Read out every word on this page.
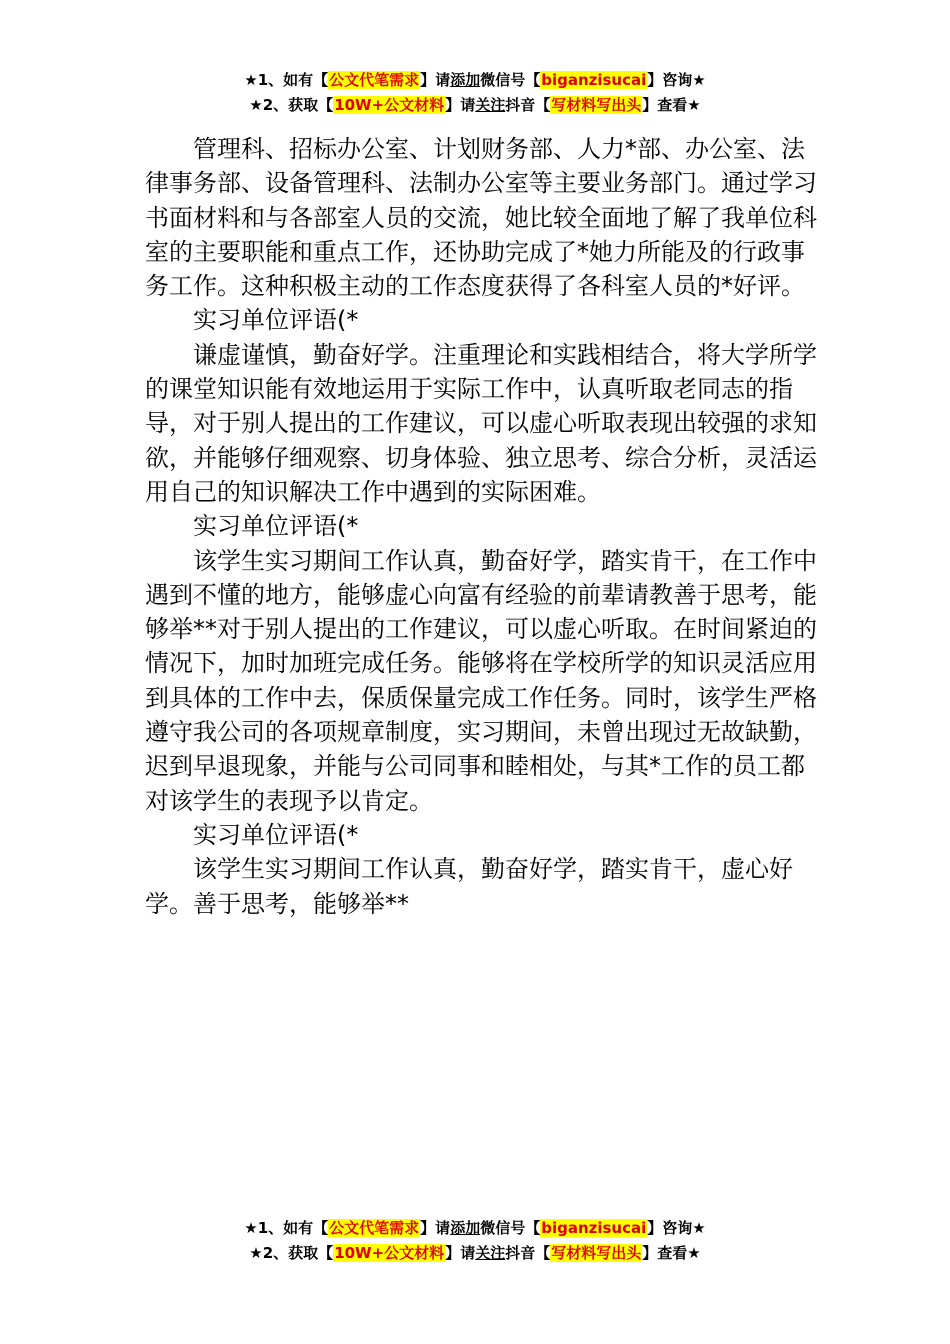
★1、如有【公文代笔需求】请添加微信号【biganzisucai】咨询★
★2、获取【10W+公文材料】请关注抖音【写材料写出头】查看★

管理科、招标办公室、计划财务部、人力*部、办公室、法律事务部、设备管理科、法制办公室等主要业务部门。通过学习书面材料和与各部室人员的交流，她比较全面地了解了我单位科室的主要职能和重点工作，还协助完成了*她力所能及的行政事务工作。这种积极主动的工作态度获得了各科室人员的*好评。

实习单位评语(*

谦虚谨慎，勤奋好学。注重理论和实践相结合，将大学所学的课堂知识能有效地运用于实际工作中，认真听取老同志的指导，对于别人提出的工作建议，可以虚心听取表现出较强的求知欲，并能够仔细观察、切身体验、独立思考、综合分析，灵活运用自己的知识解决工作中遇到的实际困难。

实习单位评语(*

该学生实习期间工作认真，勤奋好学，踏实肯干，在工作中遇到不懂的地方，能够虚心向富有经验的前辈请教善于思考，能够举**对于别人提出的工作建议，可以虚心听取。在时间紧迫的情况下，加时加班完成任务。能够将在学校所学的知识灵活应用到具体的工作中去，保质保量完成工作任务。同时，该学生严格遵守我公司的各项规章制度，实习期间，未曾出现过无故缺勤，迟到早退现象，并能与公司同事和睦相处，与其*工作的员工都对该学生的表现予以肯定。

实习单位评语(*

该学生实习期间工作认真，勤奋好学，踏实肯干，虚心好学。善于思考，能够举**

★1、如有【公文代笔需求】请添加微信号【biganzisucai】咨询★
★2、获取【10W+公文材料】请关注抖音【写材料写出头】查看★
